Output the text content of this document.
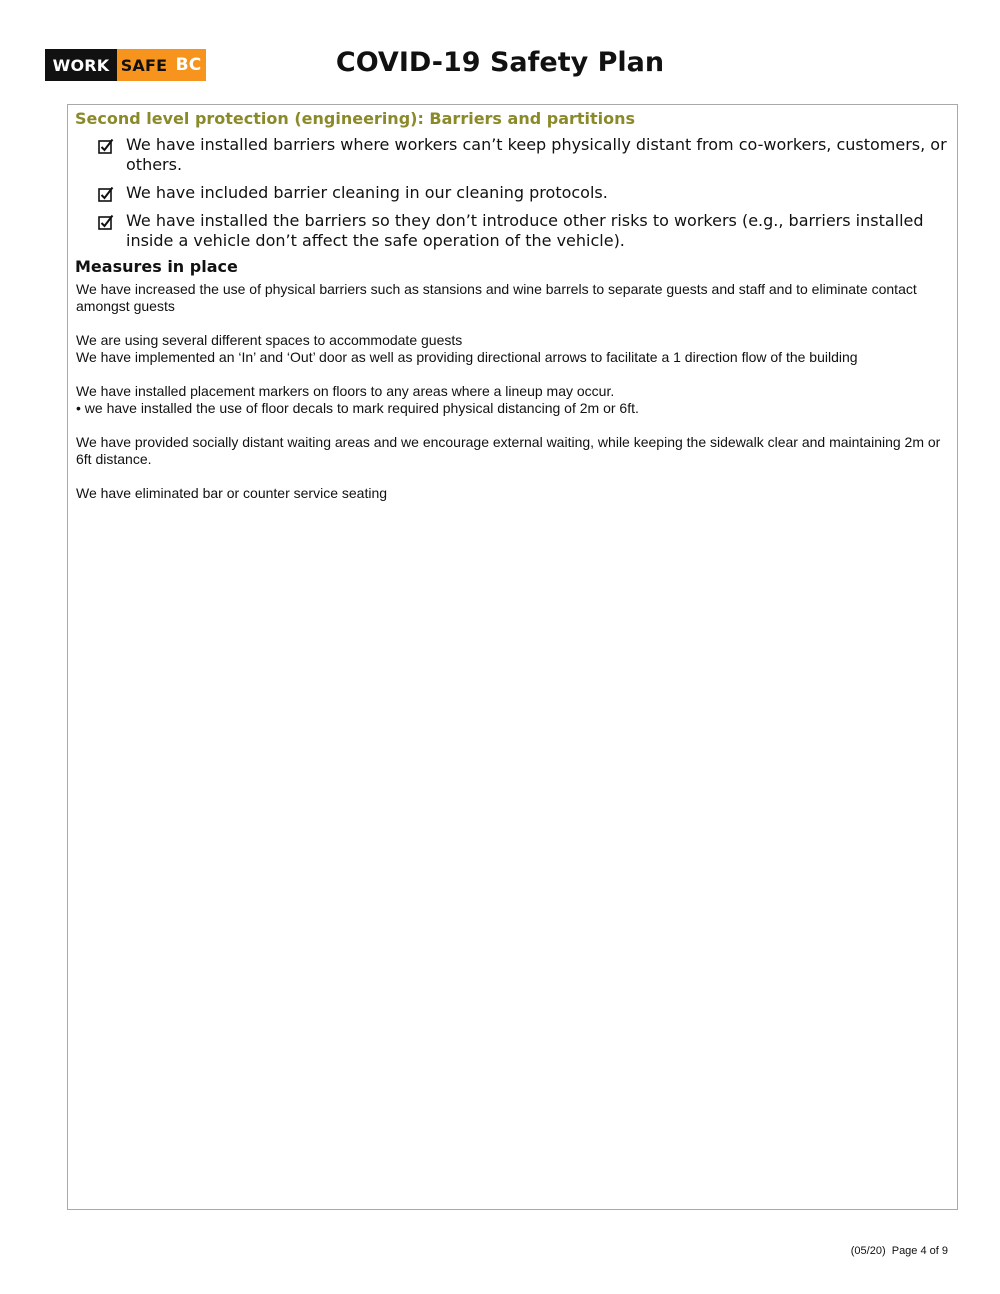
WORK SAFE BC	COVID-19 Safety Plan
Second level protection (engineering): Barriers and partitions
We have installed barriers where workers can’t keep physically distant from co-workers, customers, or others.
We have included barrier cleaning in our cleaning protocols.
We have installed the barriers so they don’t introduce other risks to workers (e.g., barriers installed inside a vehicle don’t affect the safe operation of the vehicle).
Measures in place

We have increased the use of physical barriers such as stansions and wine barrels to separate guests and staff and to eliminate contact amongst guests

We are using several different spaces to accommodate guests

We have implemented an ‘In’ and ‘Out’ door as well as providing directional arrows to facilitate a 1 direction flow of the building

We have installed placement markers on floors to any areas where a lineup may occur.

• we have installed the use of floor decals to mark required physical distancing of 2m or 6ft.

We have provided socially distant waiting areas and we encourage external waiting, while keeping the sidewalk clear and maintaining 2m or 6ft distance.

We have eliminated bar or counter service seating

(05/20)  Page 4 of 9
